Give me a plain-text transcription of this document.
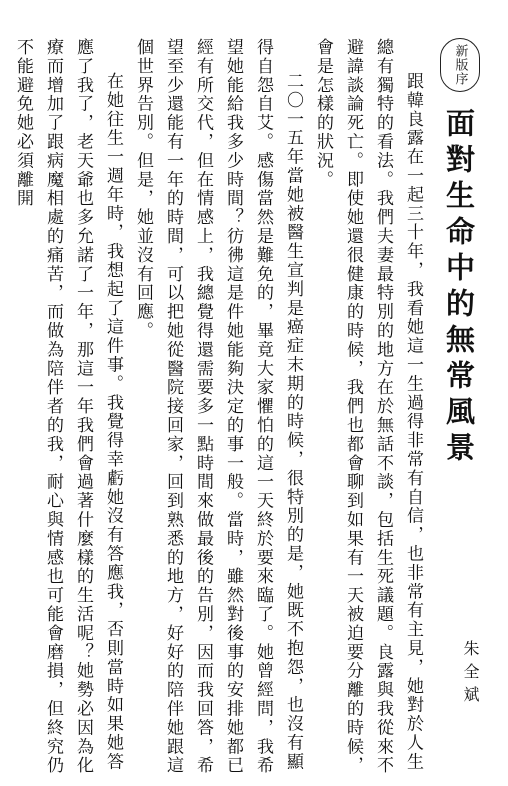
新版序
面對生命中的無常風景
朱全斌

跟韓良露在一起三十年，我看她這一生過得非常有自信，也非常有主見，她對於人生總有獨特的看法。我們夫妻最特別的地方在於無話不談，包括生死議題。良露與我從來不避諱談論死亡。即使她還很健康的時候，我們也都會聊到如果有一天被迫要分離的時候，會是怎樣的狀況。

二〇一五年當她被醫生宣判是癌症末期的時候，很特別的是，她既不抱怨，也沒有顯得自怨自艾。感傷當然是難免的，畢竟大家懼怕的這一天終於要來臨了。她曾經問，我希望她能給我多少時間？彷彿這是件她能夠決定的事一般。當時，雖然對後事的安排她都已經有所交代，但在情感上，我總覺得還需要多一點時間來做最後的告別，因而我回答，希望至少還能有一年的時間，可以把她從醫院接回家，回到熟悉的地方，好好的陪伴她跟這個世界告別。但是，她並沒有回應。

在她往生一週年時，我想起了這件事。我覺得幸虧她沒有答應我，否則當時如果她答應了我了，老天爺也多允諾了一年，那這一年我們會過著什麼樣的生活呢？她勢必因為化療而增加了跟病魔相處的痛苦，而做為陪伴者的我，耐心與情感也可能會磨損，但終究仍不能避免她必須離開
